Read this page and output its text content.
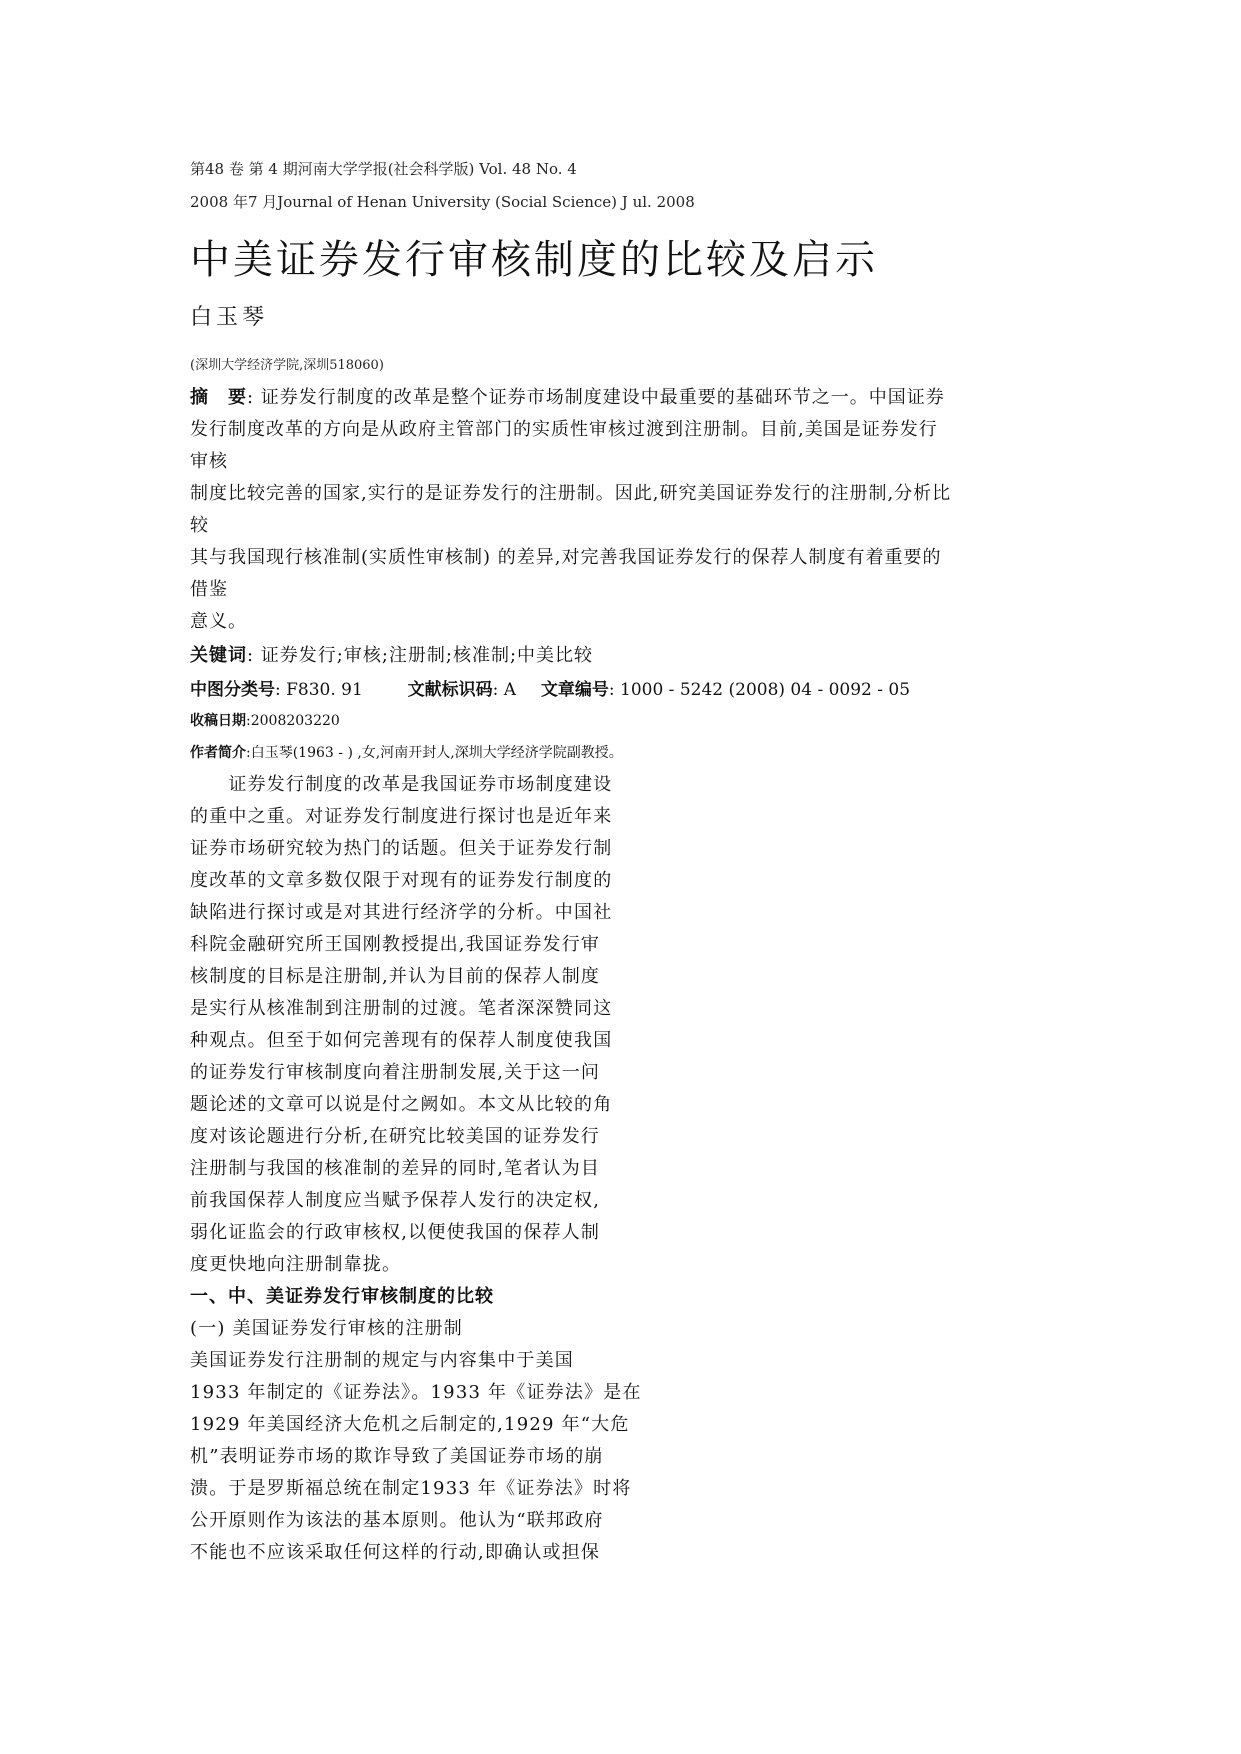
第48 卷 第 4 期河南大学学报(社会科学版) Vol. 48 No. 4
2008 年7 月Journal of Henan University (Social Science) J ul. 2008
中美证券发行审核制度的比较及启示
白玉琴
(深圳大学经济学院,深圳518060)
摘　要: 证券发行制度的改革是整个证券市场制度建设中最重要的基础环节之一。中国证券
发行制度改革的方向是从政府主管部门的实质性审核过渡到注册制。目前,美国是证券发行
审核
制度比较完善的国家,实行的是证券发行的注册制。因此,研究美国证券发行的注册制,分析比
较
其与我国现行核准制(实质性审核制) 的差异,对完善我国证券发行的保荐人制度有着重要的
借鉴
意义。
关键词: 证券发行;审核;注册制;核准制;中美比较
中图分类号: F830. 91	文献标识码: A 文章编号: 1000 - 5242 (2008) 04 - 0092 - 05
收稿日期:2008203220
作者简介:白玉琴(1963 - ) ,女,河南开封人,深圳大学经济学院副教授。
　　证券发行制度的改革是我国证券市场制度建设
的重中之重。对证券发行制度进行探讨也是近年来
证券市场研究较为热门的话题。但关于证券发行制
度改革的文章多数仅限于对现有的证券发行制度的
缺陷进行探讨或是对其进行经济学的分析。中国社
科院金融研究所王国刚教授提出,我国证券发行审
核制度的目标是注册制,并认为目前的保荐人制度
是实行从核准制到注册制的过渡。笔者深深赞同这
种观点。但至于如何完善现有的保荐人制度使我国
的证券发行审核制度向着注册制发展,关于这一问
题论述的文章可以说是付之阙如。本文从比较的角
度对该论题进行分析,在研究比较美国的证券发行
注册制与我国的核准制的差异的同时,笔者认为目
前我国保荐人制度应当赋予保荐人发行的决定权,
弱化证监会的行政审核权,以便使我国的保荐人制
度更快地向注册制靠拢。
一、中、美证券发行审核制度的比较
(一) 美国证券发行审核的注册制
美国证券发行注册制的规定与内容集中于美国
1933 年制定的《证券法》。1933 年《证券法》是在
1929 年美国经济大危机之后制定的,1929 年“大危
机”表明证券市场的欺诈导致了美国证券市场的崩
溃。于是罗斯福总统在制定1933 年《证券法》时将
公开原则作为该法的基本原则。他认为“联邦政府
不能也不应该采取任何这样的行动,即确认或担保
